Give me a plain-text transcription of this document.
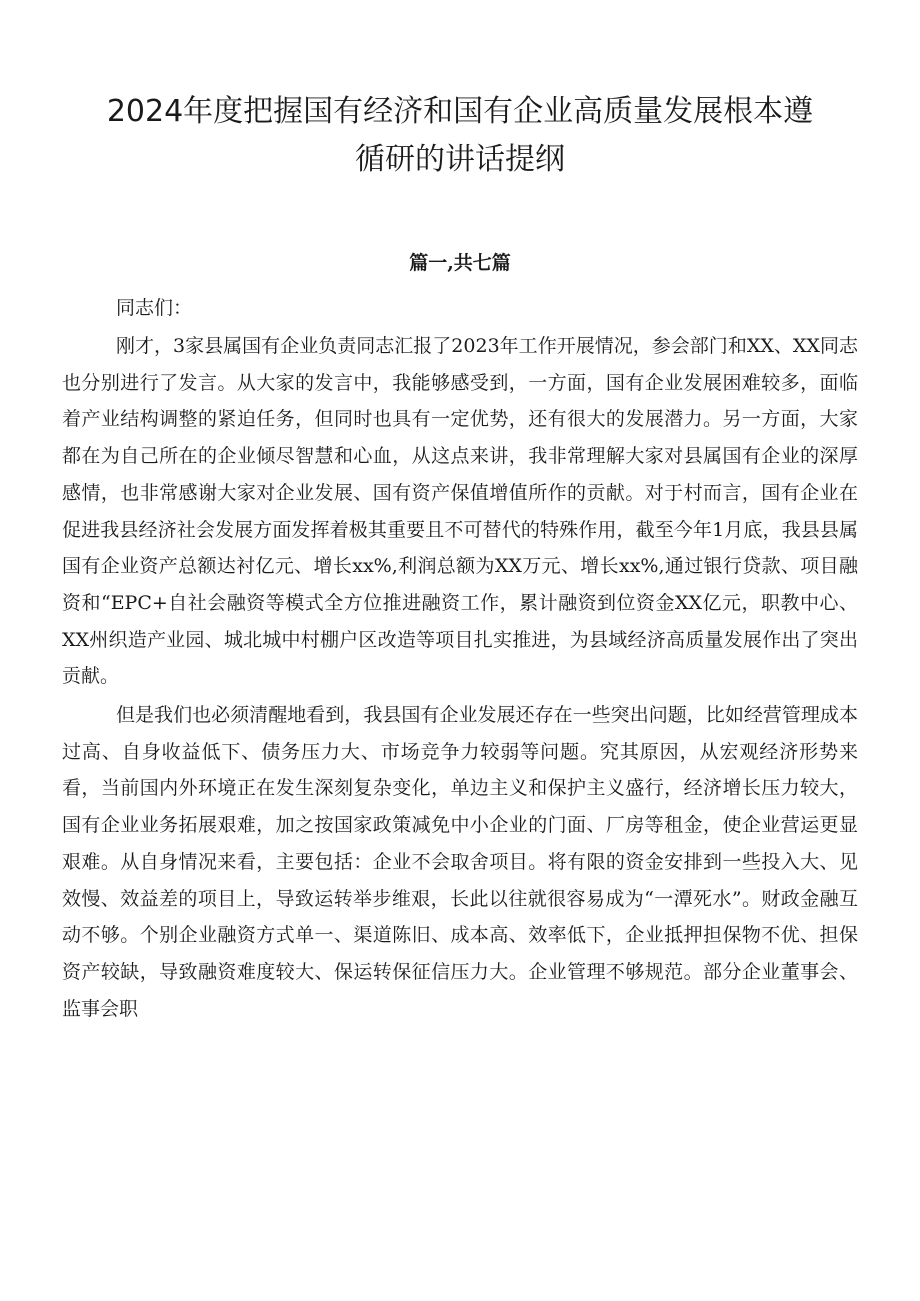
2024年度把握国有经济和国有企业高质量发展根本遵循研的讲话提纲
篇一,共七篇

同志们：

刚才，3家县属国有企业负责同志汇报了2023年工作开展情况，参会部门和XX、XX同志也分别进行了发言。从大家的发言中，我能够感受到，一方面，国有企业发展困难较多，面临着产业结构调整的紧迫任务，但同时也具有一定优势，还有很大的发展潜力。另一方面，大家都在为自己所在的企业倾尽智慧和心血，从这点来讲，我非常理解大家对县属国有企业的深厚感情，也非常感谢大家对企业发展、国有资产保值增值所作的贡献。对于村而言，国有企业在促进我县经济社会发展方面发挥着极其重要且不可替代的特殊作用，截至今年1月底，我县县属国有企业资产总额达衬亿元、增长xx%,利润总额为XX万元、增长xx%,通过银行贷款、项目融资和“EPC+自社会融资等模式全方位推进融资工作，累计融资到位资金XX亿元，职教中心、XX州织造产业园、城北城中村棚户区改造等项目扎实推进，为县域经济高质量发展作出了突出贡献。

但是我们也必须清醒地看到，我县国有企业发展还存在一些突出问题，比如经营管理成本过高、自身收益低下、债务压力大、市场竞争力较弱等问题。究其原因，从宏观经济形势来看，当前国内外环境正在发生深刻复杂变化，单边主义和保护主义盛行，经济增长压力较大，国有企业业务拓展艰难，加之按国家政策减免中小企业的门面、厂房等租金，使企业营运更显艰难。从自身情况来看，主要包括：企业不会取舍项目。将有限的资金安排到一些投入大、见效慢、效益差的项目上，导致运转举步维艰，长此以往就很容易成为“一潭死水”。财政金融互动不够。个别企业融资方式单一、渠道陈旧、成本高、效率低下，企业抵押担保物不优、担保资产较缺，导致融资难度较大、保运转保征信压力大。企业管理不够规范。部分企业董事会、监事会职
